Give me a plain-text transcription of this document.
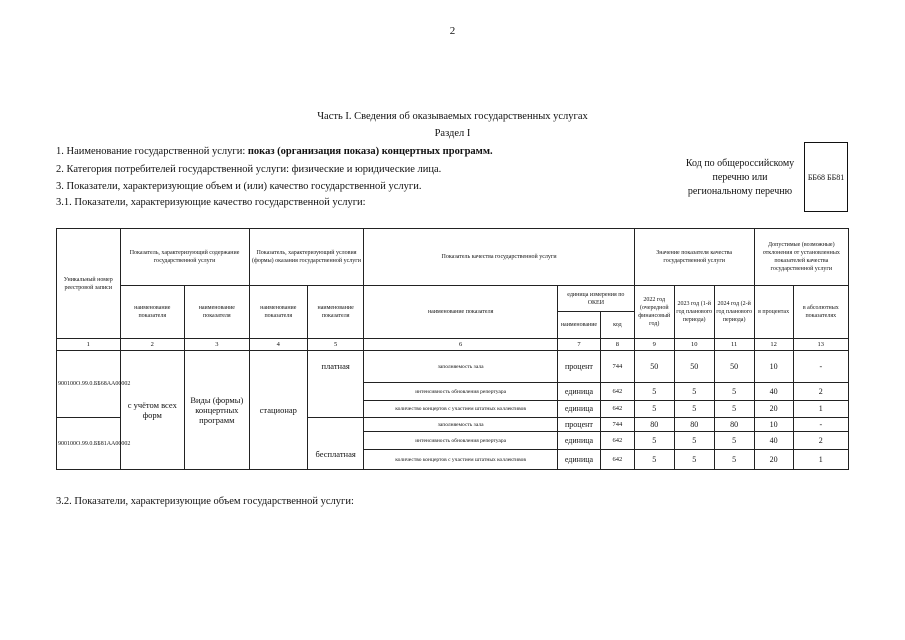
2
Часть I. Сведения об оказываемых государственных услугах
Раздел I
1. Наименование государственной услуги: показ (организация показа) концертных программ.
2. Категория потребителей государственной услуги: физические и юридические лица.
3. Показатели, характеризующие объем и (или) качество государственной услуги.
3.1. Показатели, характеризующие качество государственной услуги:
Код по общероссийскому
перечню или
региональному перечню
ББ68 ББ81
Уникальный номер реестровой записи	Показатель, характеризующий содержание государственной услуги		Показатель, характеризующий условия (формы) оказания государственной услуги		Показатель качества государственной услуги			Значение показателя качества государственной услуги			Допустимые (возможные) отклонения от установленных показателей качества государственной услуги	
	наименование показателя	наименование показателя	наименование показателя	наименование показателя	наименование показателя	единица измерения по ОКЕИ		2022 год (очередной финансовый год)	2023 год (1-й год планового периода)	2024 год (2-й год планового периода)	в процентах	в абсолютных показателях
						наименование	код					
1	2	3	4	5	6	7	8	9	10	11	12	13
900100О.99.0.ББ68АА00002	с учётом всех форм	Виды (формы) концертных программ	стационар	платная	заполняемость зала	процент	744	50	50	50	10	-
					интенсивность обновления репертуара	единица	642	5	5	5	40	2
					количество концертов с участием штатных коллективов	единица	642	5	5	5	20	1
900100О.99.0.ББ81АА00002				бесплатная	заполняемость зала	процент	744	80	80	80	10	-
					интенсивность обновления репертуара	единица	642	5	5	5	40	2
					количество концертов с участием штатных коллективов	единица	642	5	5	5	20	1
3.2. Показатели, характеризующие объем государственной услуги:
